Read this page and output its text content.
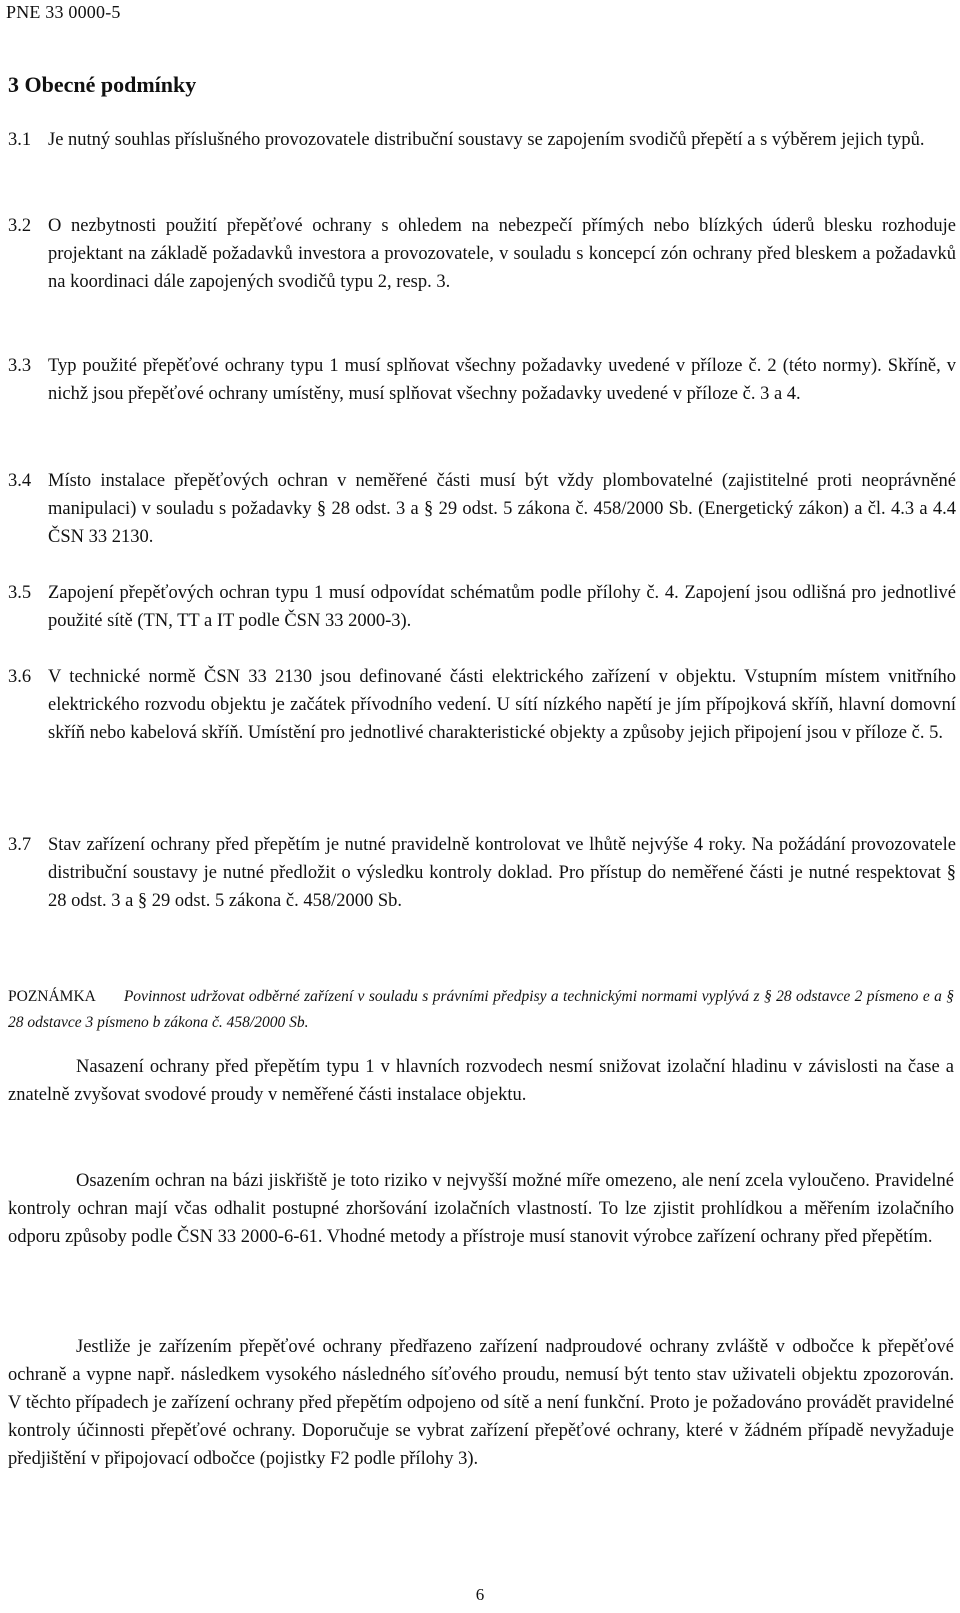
PNE 33 0000-5
3 Obecné podmínky
3.1 Je nutný souhlas příslušného provozovatele distribuční soustavy se zapojením svodičů přepětí a s výběrem jejich typů.
3.2 O nezbytnosti použití přepěťové ochrany s ohledem na nebezpečí přímých nebo blízkých úderů blesku rozhoduje projektant na základě požadavků investora a provozovatele, v souladu s koncepcí zón ochrany před bleskem a požadavků na koordinaci dále zapojených svodičů typu 2, resp. 3.
3.3 Typ použité přepěťové ochrany typu 1 musí splňovat všechny požadavky uvedené v příloze č. 2 (této normy). Skříně, v nichž jsou přepěťové ochrany umístěny, musí splňovat všechny požadavky uvedené v příloze č. 3 a 4.
3.4 Místo instalace přepěťových ochran v neměřené části musí být vždy plombovatelné (zajistitelné proti neoprávněné manipulaci) v souladu s požadavky § 28 odst. 3 a § 29 odst. 5 zákona č. 458/2000 Sb. (Energetický zákon) a čl. 4.3 a 4.4 ČSN 33 2130.
3.5 Zapojení přepěťových ochran typu 1 musí odpovídat schématům podle přílohy č. 4. Zapojení jsou odlišná pro jednotlivé použité sítě (TN, TT a IT podle ČSN 33 2000-3).
3.6 V technické normě ČSN 33 2130 jsou definované části elektrického zařízení v objektu. Vstupním místem vnitřního elektrického rozvodu objektu je začátek přívodního vedení. U sítí nízkého napětí je jím přípojková skříň, hlavní domovní skříň nebo kabelová skříň. Umístění pro jednotlivé charakteristické objekty a způsoby jejich připojení jsou v příloze č. 5.
3.7 Stav zařízení ochrany před přepětím je nutné pravidelně kontrolovat ve lhůtě nejvýše 4 roky. Na požádání provozovatele distribuční soustavy je nutné předložit o výsledku kontroly doklad. Pro přístup do neměřené části je nutné respektovat § 28 odst. 3 a § 29 odst. 5 zákona č. 458/2000 Sb.
POZNÁMKA Povinnost udržovat odběrné zařízení v souladu s právními předpisy a technickými normami vyplývá z § 28 odstavce 2 písmeno e a § 28 odstavce 3 písmeno b zákona č. 458/2000 Sb.
Nasazení ochrany před přepětím typu 1 v hlavních rozvodech nesmí snižovat izolační hladinu v závislosti na čase a znatelně zvyšovat svodové proudy v neměřené části instalace objektu.
Osazením ochran na bázi jiskřiště je toto riziko v nejvyšší možné míře omezeno, ale není zcela vyloučeno. Pravidelné kontroly ochran mají včas odhalit postupné zhoršování izolačních vlastností. To lze zjistit prohlídkou a měřením izolačního odporu způsoby podle ČSN 33 2000-6-61. Vhodné metody a přístroje musí stanovit výrobce zařízení ochrany před přepětím.
Jestliže je zařízením přepěťové ochrany předřazeno zařízení nadproudové ochrany zvláště v odbočce k přepěťové ochraně a vypne např. následkem vysokého následného síťového proudu, nemusí být tento stav uživateli objektu zpozorován. V těchto případech je zařízení ochrany před přepětím odpojeno od sítě a není funkční. Proto je požadováno provádět pravidelné kontroly účinnosti přepěťové ochrany. Doporučuje se vybrat zařízení přepěťové ochrany, které v žádném případě nevyžaduje předjištění v připojovací odbočce (pojistky F2 podle přílohy 3).
6
